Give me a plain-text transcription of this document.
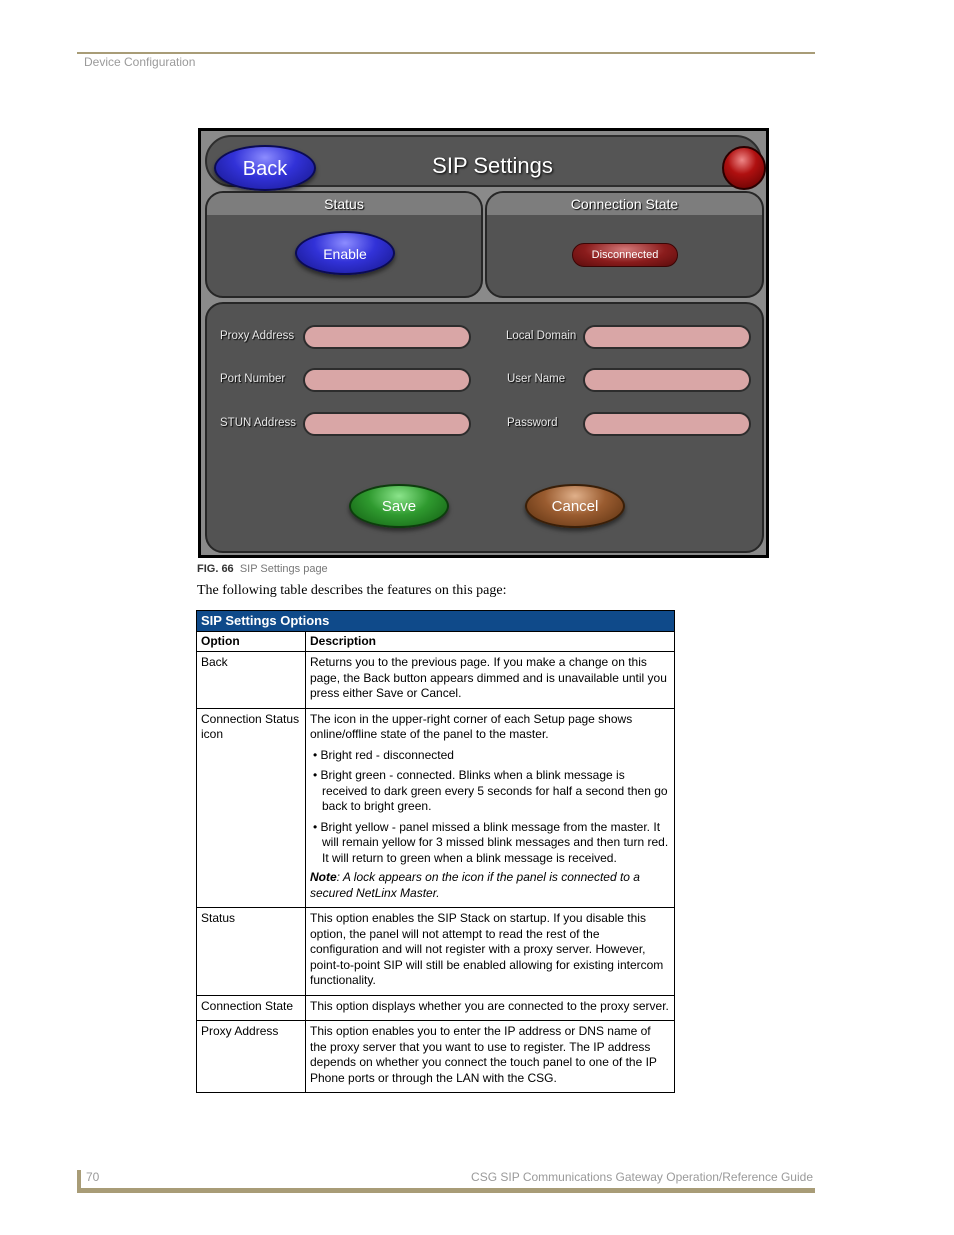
Device Configuration
Back	SIP Settings
Status
Enable
Connection State
Disconnected
Proxy Address
Port Number
STUN Address
Local Domain
User Name
Password
Save	Cancel
FIG. 66 SIP Settings page
The following table describes the features on this page:
SIP Settings Options	
Option	Description
Back	Returns you to the previous page. If you make a change on this page, the Back button appears dimmed and is unavailable until you press either Save or Cancel.
Connection Status icon	The icon in the upper-right corner of each Setup page shows online/offline state of the panel to the master.
• Bright red - disconnected
• Bright green - connected. Blinks when a blink message is received to dark green every 5 seconds for half a second then go back to bright green.
• Bright yellow - panel missed a blink message from the master. It will remain yellow for 3 missed blink messages and then turn red. It will return to green when a blink message is received.
Note: A lock appears on the icon if the panel is connected to a secured NetLinx Master.

Status	This option enables the SIP Stack on startup. If you disable this option, the panel will not attempt to read the rest of the configuration and will not register with a proxy server. However, point-to-point SIP will still be enabled allowing for existing intercom functionality.
Connection State	This option displays whether you are connected to the proxy server.
Proxy Address	This option enables you to enter the IP address or DNS name of the proxy server that you want to use to register. The IP address depends on whether you connect the touch panel to one of the IP Phone ports or through the LAN with the CSG.
70	CSG SIP Communications Gateway Operation/Reference Guide
